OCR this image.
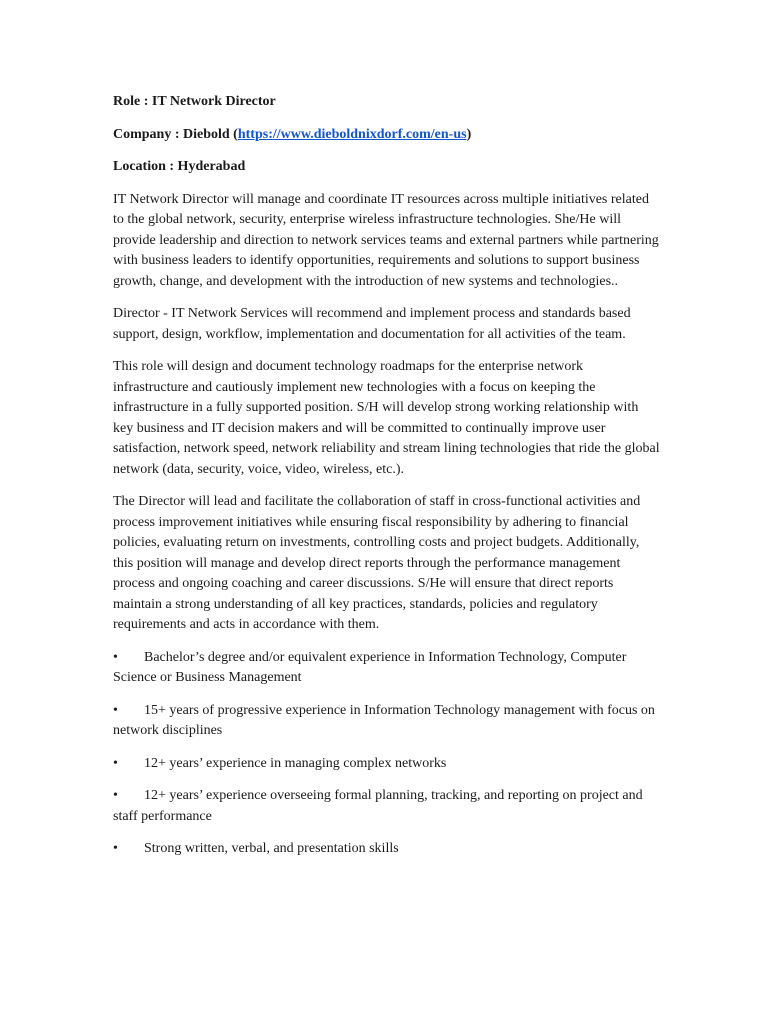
Role : IT Network Director
Company : Diebold (https://www.dieboldnixdorf.com/en-us)
Location : Hyderabad

IT Network Director will manage and coordinate IT resources across multiple initiatives related to the global network, security, enterprise wireless infrastructure technologies. She/He will provide leadership and direction to network services teams and external partners while partnering with business leaders to identify opportunities, requirements and solutions to support business growth, change, and development with the introduction of new systems and technologies..

Director - IT Network Services will recommend and implement process and standards based support, design, workflow, implementation and documentation for all activities of the team.

This role will design and document technology roadmaps for the enterprise network infrastructure and cautiously implement new technologies with a focus on keeping the infrastructure in a fully supported position. S/H will develop strong working relationship with key business and IT decision makers and will be committed to continually improve user satisfaction, network speed, network reliability and stream lining technologies that ride the global network (data, security, voice, video, wireless, etc.).

The Director will lead and facilitate the collaboration of staff in cross-functional activities and process improvement initiatives while ensuring fiscal responsibility by adhering to financial policies, evaluating return on investments, controlling costs and project budgets. Additionally, this position will manage and develop direct reports through the performance management process and ongoing coaching and career discussions. S/He will ensure that direct reports maintain a strong understanding of all key practices, standards, policies and regulatory requirements and acts in accordance with them.

• Bachelor’s degree and/or equivalent experience in Information Technology, Computer Science or Business Management
• 15+ years of progressive experience in Information Technology management with focus on network disciplines
• 12+ years’ experience in managing complex networks
• 12+ years’ experience overseeing formal planning, tracking, and reporting on project and staff performance
• Strong written, verbal, and presentation skills
